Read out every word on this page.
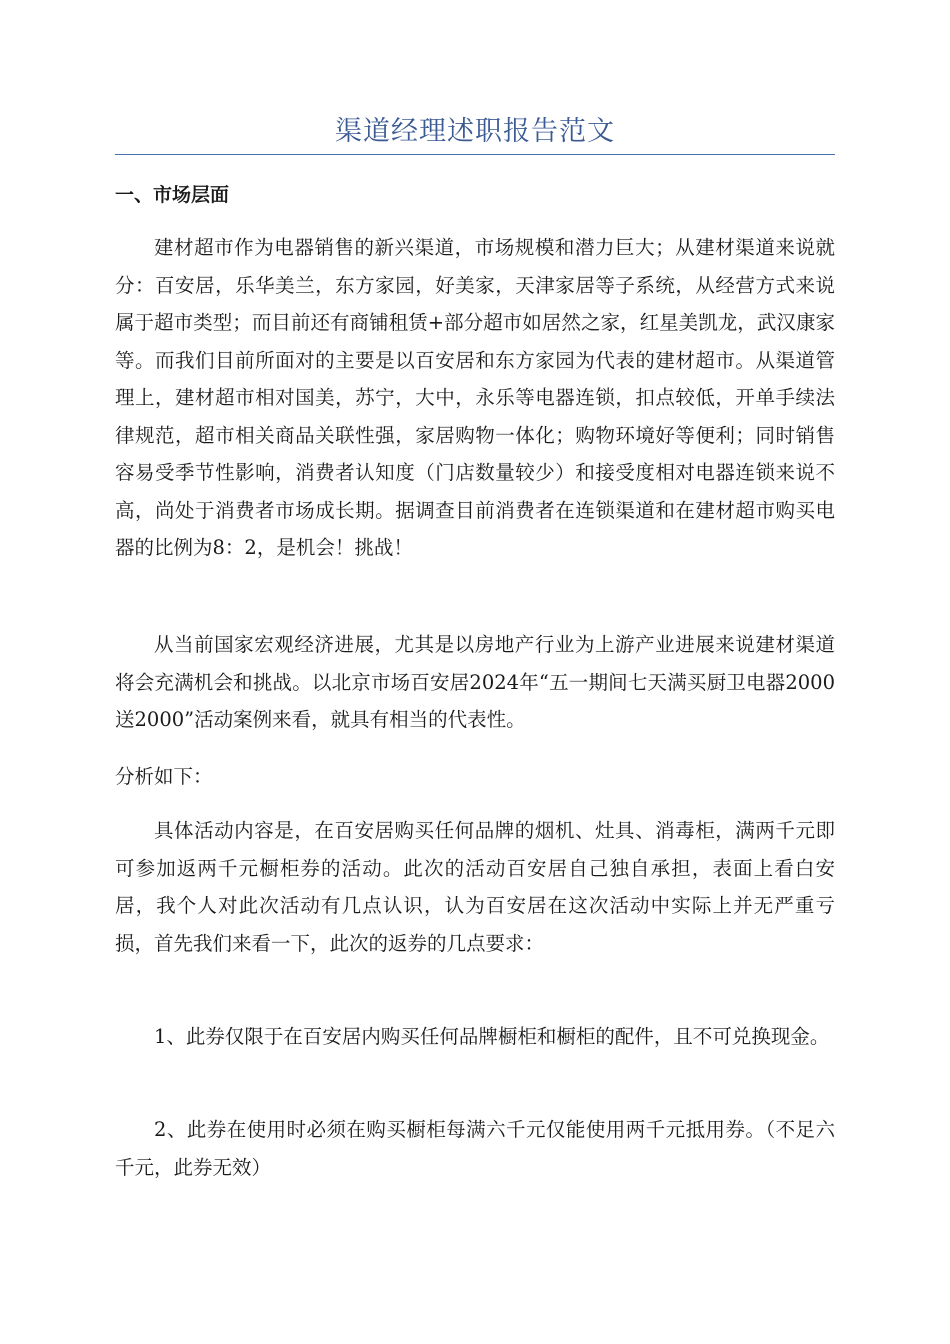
渠道经理述职报告范文
一、市场层面

建材超市作为电器销售的新兴渠道，市场规模和潜力巨大；从建材渠道来说就分：百安居，乐华美兰，东方家园，好美家，天津家居等子系统，从经营方式来说属于超市类型；而目前还有商铺租赁+部分超市如居然之家，红星美凯龙，武汉康家等。而我们目前所面对的主要是以百安居和东方家园为代表的建材超市。从渠道管理上，建材超市相对国美，苏宁，大中，永乐等电器连锁，扣点较低，开单手续法律规范，超市相关商品关联性强，家居购物一体化；购物环境好等便利；同时销售容易受季节性影响，消费者认知度（门店数量较少）和接受度相对电器连锁来说不高，尚处于消费者市场成长期。据调查目前消费者在连锁渠道和在建材超市购买电器的比例为8：2，是机会！挑战！

从当前国家宏观经济进展，尤其是以房地产行业为上游产业进展来说建材渠道将会充满机会和挑战。以北京市场百安居2024年“五一期间七天满买厨卫电器2000送2000”活动案例来看，就具有相当的代表性。

分析如下：

具体活动内容是，在百安居购买任何品牌的烟机、灶具、消毒柜，满两千元即可参加返两千元橱柜券的活动。此次的活动百安居自己独自承担，表面上看白安居，我个人对此次活动有几点认识，认为百安居在这次活动中实际上并无严重亏损，首先我们来看一下，此次的返券的几点要求：

1、此券仅限于在百安居内购买任何品牌橱柜和橱柜的配件，且不可兑换现金。

2、此券在使用时必须在购买橱柜每满六千元仅能使用两千元抵用券。（不足六千元，此券无效）
